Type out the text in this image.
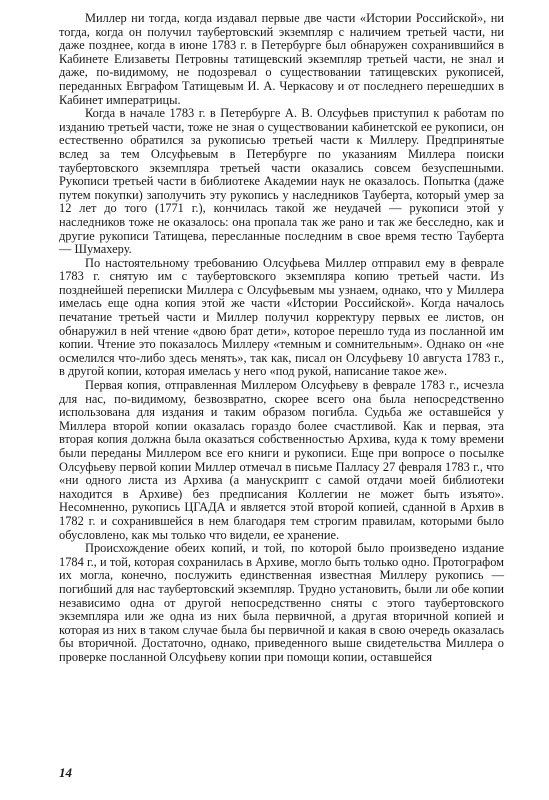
Миллер ни тогда, когда издавал первые две части «Истории Российской», ни тогда, когда он получил таубертовский экземпляр с наличием третьей части, ни даже позднее, когда в июне 1783 г. в Петербурге был обнаружен сохранившийся в Кабинете Елизаветы Петровны татищевский экземпляр третьей части, не знал и даже, по-видимому, не подозревал о существовании татищевских рукописей, переданных Евграфом Татищевым И. А. Черкасову и от последнего перешедших в Кабинет императрицы.

Когда в начале 1783 г. в Петербурге А. В. Олсуфьев приступил к работам по изданию третьей части, тоже не зная о существовании кабинетской ее рукописи, он естественно обратился за рукописью третьей части к Миллеру. Предпринятые вслед за тем Олсуфьевым в Петербурге по указаниям Миллера поиски таубертовского экземпляра третьей части оказались совсем безуспешными. Рукописи третьей части в библиотеке Академии наук не оказалось. Попытка (даже путем покупки) заполучить эту рукопись у наследников Тауберта, который умер за 12 лет до того (1771 г.), кончилась такой же неудачей — рукописи этой у наследников тоже не оказалось: она пропала так же рано и так же бесследно, как и другие рукописи Татищева, пересланные последним в свое время тестю Тауберта — Шумахеру.

По настоятельному требованию Олсуфьева Миллер отправил ему в феврале 1783 г. снятую им с таубертовского экземпляра копию третьей части. Из позднейшей переписки Миллера с Олсуфьевым мы узнаем, однако, что у Миллера имелась еще одна копия этой же части «Истории Российской». Когда началось печатание третьей части и Миллер получил корректуру первых ее листов, он обнаружил в ней чтение «двою брат дети», которое перешло туда из посланной им копии. Чтение это показалось Миллеру «темным и сомнительным». Однако он «не осмелился что-либо здесь менять», так как, писал он Олсуфьеву 10 августа 1783 г., в другой копии, которая имелась у него «под рукой, написание такое же».

Первая копия, отправленная Миллером Олсуфьеву в феврале 1783 г., исчезла для нас, по-видимому, безвозвратно, скорее всего она была непосредственно использована для издания и таким образом погибла. Судьба же оставшейся у Миллера второй копии оказалась гораздо более счастливой. Как и первая, эта вторая копия должна была оказаться собственностью Архива, куда к тому времени были переданы Миллером все его книги и рукописи. Еще при вопросе о посылке Олсуфьеву первой копии Миллер отмечал в письме Палласу 27 февраля 1783 г., что «ни одного листа из Архива (а манускрипт с самой отдачи моей библиотеки находится в Архиве) без предписания Коллегии не может быть изъято». Несомненно, рукопись ЦГАДА и является этой второй копией, сданной в Архив в 1782 г. и сохранившейся в нем благодаря тем строгим правилам, которыми было обусловлено, как мы только что видели, ее хранение.

Происхождение обеих копий, и той, по которой было произведено издание 1784 г., и той, которая сохранилась в Архиве, могло быть только одно. Протографом их могла, конечно, послужить единственная известная Миллеру рукопись — погибший для нас таубертовский экземпляр. Трудно установить, были ли обе копии независимо одна от другой непосредственно сняты с этого таубертовского экземпляра или же одна из них была первичной, а другая вторичной копией и которая из них в таком случае была бы первичной и какая в свою очередь оказалась бы вторичной. Достаточно, однако, приведенного выше свидетельства Миллера о проверке посланной Олсуфьеву копии при помощи копии, оставшейся

14
